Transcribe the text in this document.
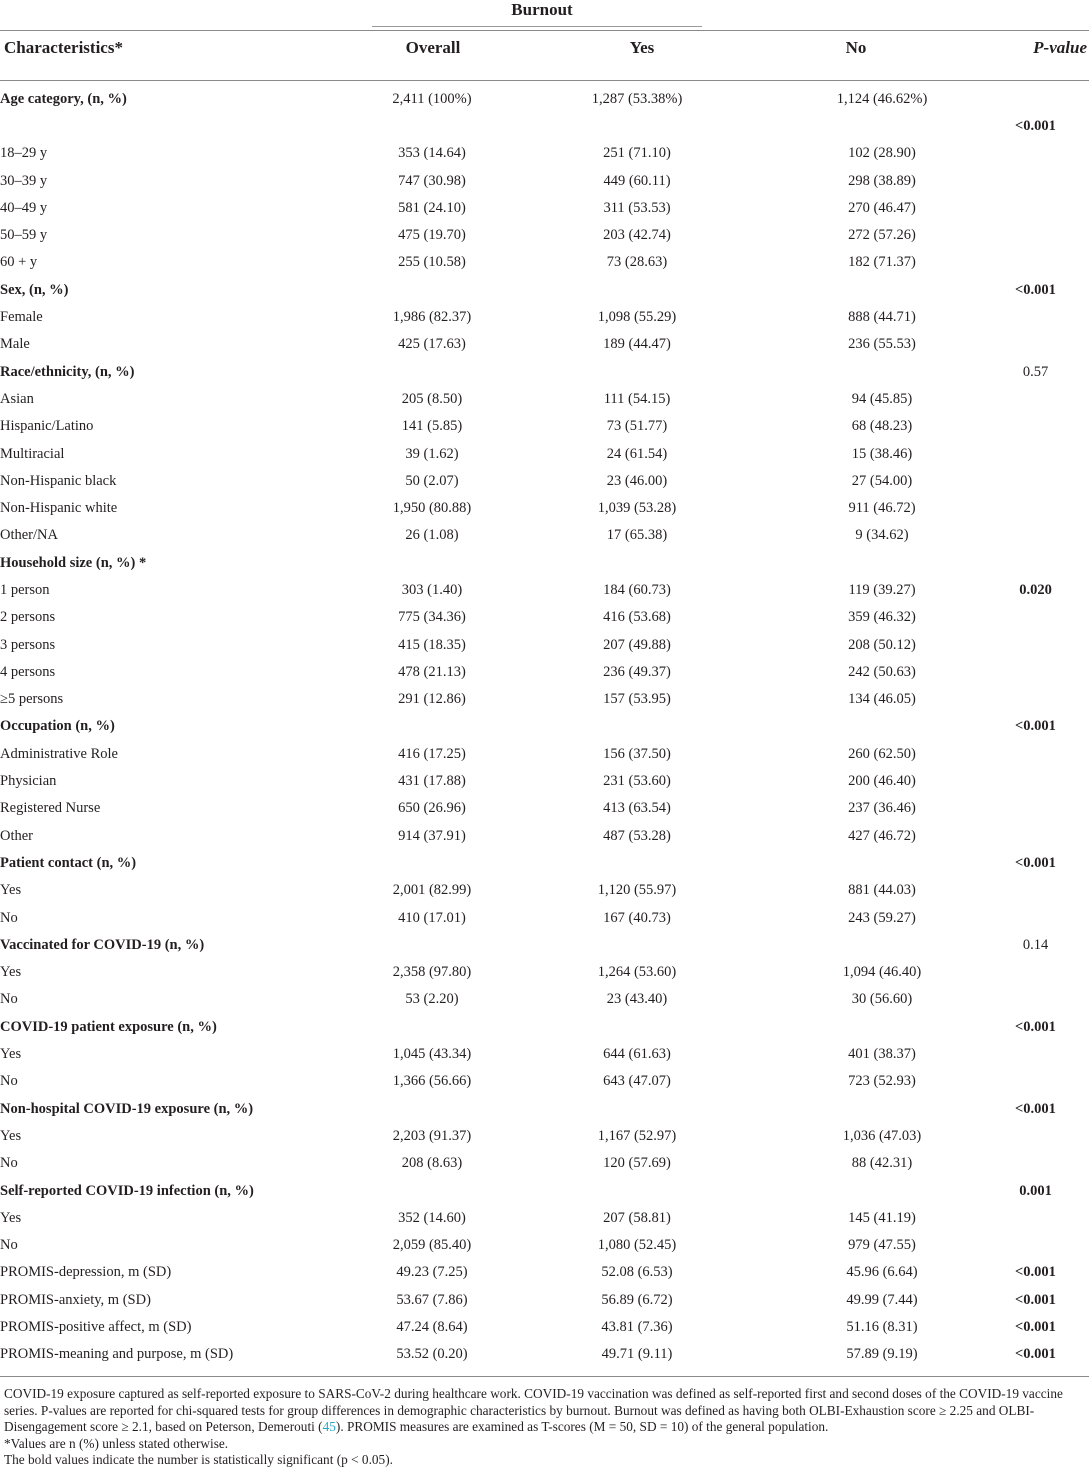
Burnout
Characteristics*	Overall	Yes	No	P-value
Age category, (n, %)	2,411 (100%)	1,287 (53.38%)	1,124 (46.62%)	
				<0.001
18–29 y	353 (14.64)	251 (71.10)	102 (28.90)	
30–39 y	747 (30.98)	449 (60.11)	298 (38.89)	
40–49 y	581 (24.10)	311 (53.53)	270 (46.47)	
50–59 y	475 (19.70)	203 (42.74)	272 (57.26)	
60 + y	255 (10.58)	73 (28.63)	182 (71.37)	
Sex, (n, %)				<0.001
Female	1,986 (82.37)	1,098 (55.29)	888 (44.71)	
Male	425 (17.63)	189 (44.47)	236 (55.53)	
Race/ethnicity, (n, %)				0.57
Asian	205 (8.50)	111 (54.15)	94 (45.85)	
Hispanic/Latino	141 (5.85)	73 (51.77)	68 (48.23)	
Multiracial	39 (1.62)	24 (61.54)	15 (38.46)	
Non-Hispanic black	50 (2.07)	23 (46.00)	27 (54.00)	
Non-Hispanic white	1,950 (80.88)	1,039 (53.28)	911 (46.72)	
Other/NA	26 (1.08)	17 (65.38)	9 (34.62)	
Household size (n, %) *				
1 person	303 (1.40)	184 (60.73)	119 (39.27)	0.020
2 persons	775 (34.36)	416 (53.68)	359 (46.32)	
3 persons	415 (18.35)	207 (49.88)	208 (50.12)	
4 persons	478 (21.13)	236 (49.37)	242 (50.63)	
≥5 persons	291 (12.86)	157 (53.95)	134 (46.05)	
Occupation (n, %)				<0.001
Administrative Role	416 (17.25)	156 (37.50)	260 (62.50)	
Physician	431 (17.88)	231 (53.60)	200 (46.40)	
Registered Nurse	650 (26.96)	413 (63.54)	237 (36.46)	
Other	914 (37.91)	487 (53.28)	427 (46.72)	
Patient contact (n, %)				<0.001
Yes	2,001 (82.99)	1,120 (55.97)	881 (44.03)	
No	410 (17.01)	167 (40.73)	243 (59.27)	
Vaccinated for COVID-19 (n, %)				0.14
Yes	2,358 (97.80)	1,264 (53.60)	1,094 (46.40)	
No	53 (2.20)	23 (43.40)	30 (56.60)	
COVID-19 patient exposure (n, %)				<0.001
Yes	1,045 (43.34)	644 (61.63)	401 (38.37)	
No	1,366 (56.66)	643 (47.07)	723 (52.93)	
Non-hospital COVID-19 exposure (n, %)				<0.001
Yes	2,203 (91.37)	1,167 (52.97)	1,036 (47.03)	
No	208 (8.63)	120 (57.69)	88 (42.31)	
Self-reported COVID-19 infection (n, %)				0.001
Yes	352 (14.60)	207 (58.81)	145 (41.19)	
No	2,059 (85.40)	1,080 (52.45)	979 (47.55)	
PROMIS-depression, m (SD)	49.23 (7.25)	52.08 (6.53)	45.96 (6.64)	<0.001
PROMIS-anxiety, m (SD)	53.67 (7.86)	56.89 (6.72)	49.99 (7.44)	<0.001
PROMIS-positive affect, m (SD)	47.24 (8.64)	43.81 (7.36)	51.16 (8.31)	<0.001
PROMIS-meaning and purpose, m (SD)	53.52 (0.20)	49.71 (9.11)	57.89 (9.19)	<0.001

COVID-19 exposure captured as self-reported exposure to SARS-CoV-2 during healthcare work. COVID-19 vaccination was defined as self-reported first and second doses of the COVID-19 vaccine series. P-values are reported for chi-squared tests for group differences in demographic characteristics by burnout. Burnout was defined as having both OLBI-Exhaustion score ≥ 2.25 and OLBI-Disengagement score ≥ 2.1, based on Peterson, Demerouti (45). PROMIS measures are examined as T-scores (M = 50, SD = 10) of the general population.

*Values are n (%) unless stated otherwise.

The bold values indicate the number is statistically significant (p < 0.05).
